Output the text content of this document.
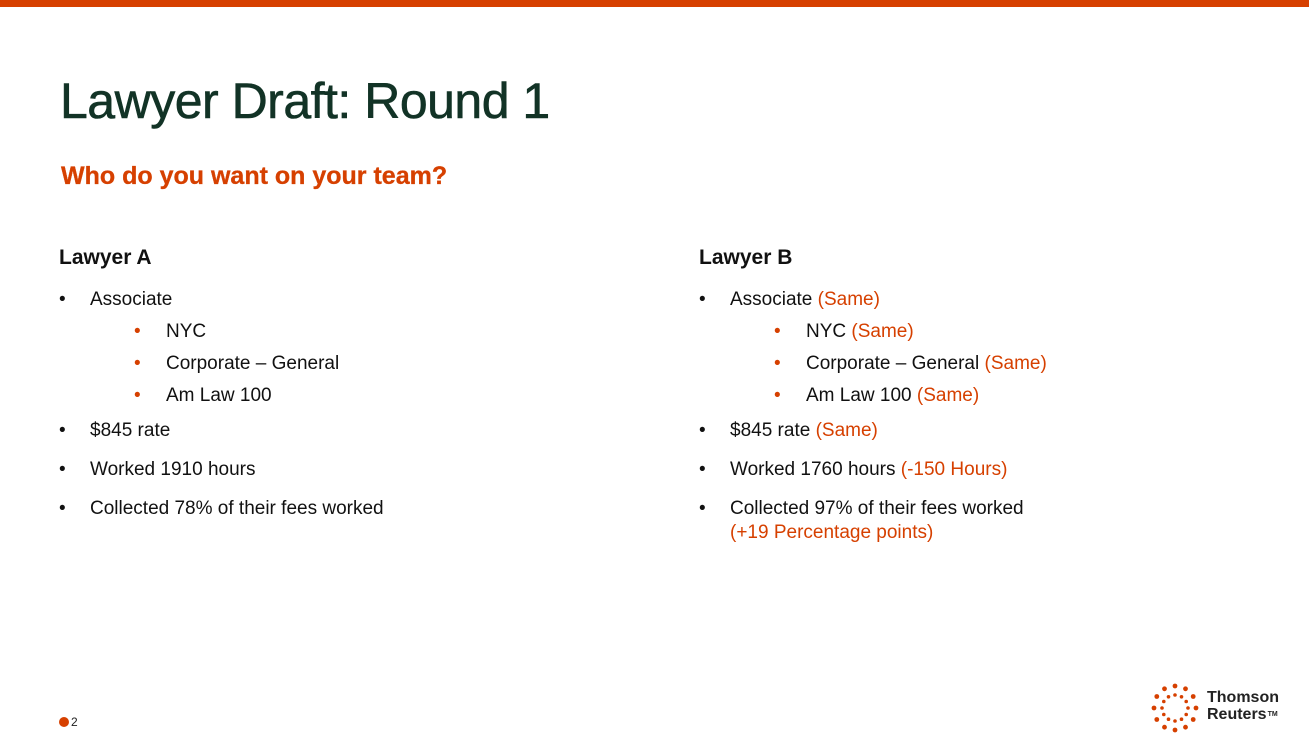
Lawyer Draft: Round 1
Who do you want on your team?
Lawyer A
• Associate
• NYC
• Corporate – General
• Am Law 100
• $845 rate
• Worked 1910 hours
• Collected 78% of their fees worked
Lawyer B
• Associate (Same)
• NYC (Same)
• Corporate – General (Same)
• Am Law 100 (Same)
• $845 rate (Same)
• Worked 1760 hours (-150 Hours)
• Collected 97% of their fees worked
(+19 Percentage points)
2
Thomson
Reuters™
